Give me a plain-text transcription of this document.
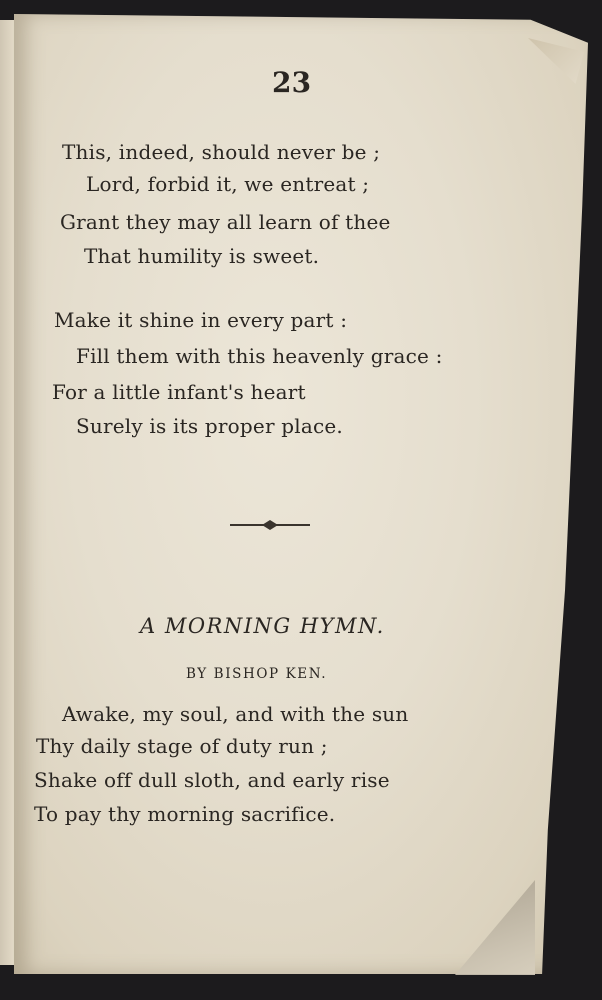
23
This, indeed, should never be ;
Lord, forbid it, we entreat ;
Grant they may all learn of thee
That humility is sweet.
Make it shine in every part :
Fill them with this heavenly grace :
For a little infant's heart
Surely is its proper place.
A MORNING HYMN.
BY BISHOP KEN.
Awake, my soul, and with the sun
Thy daily stage of duty run ;
Shake off dull sloth, and early rise
To pay thy morning sacrifice.
